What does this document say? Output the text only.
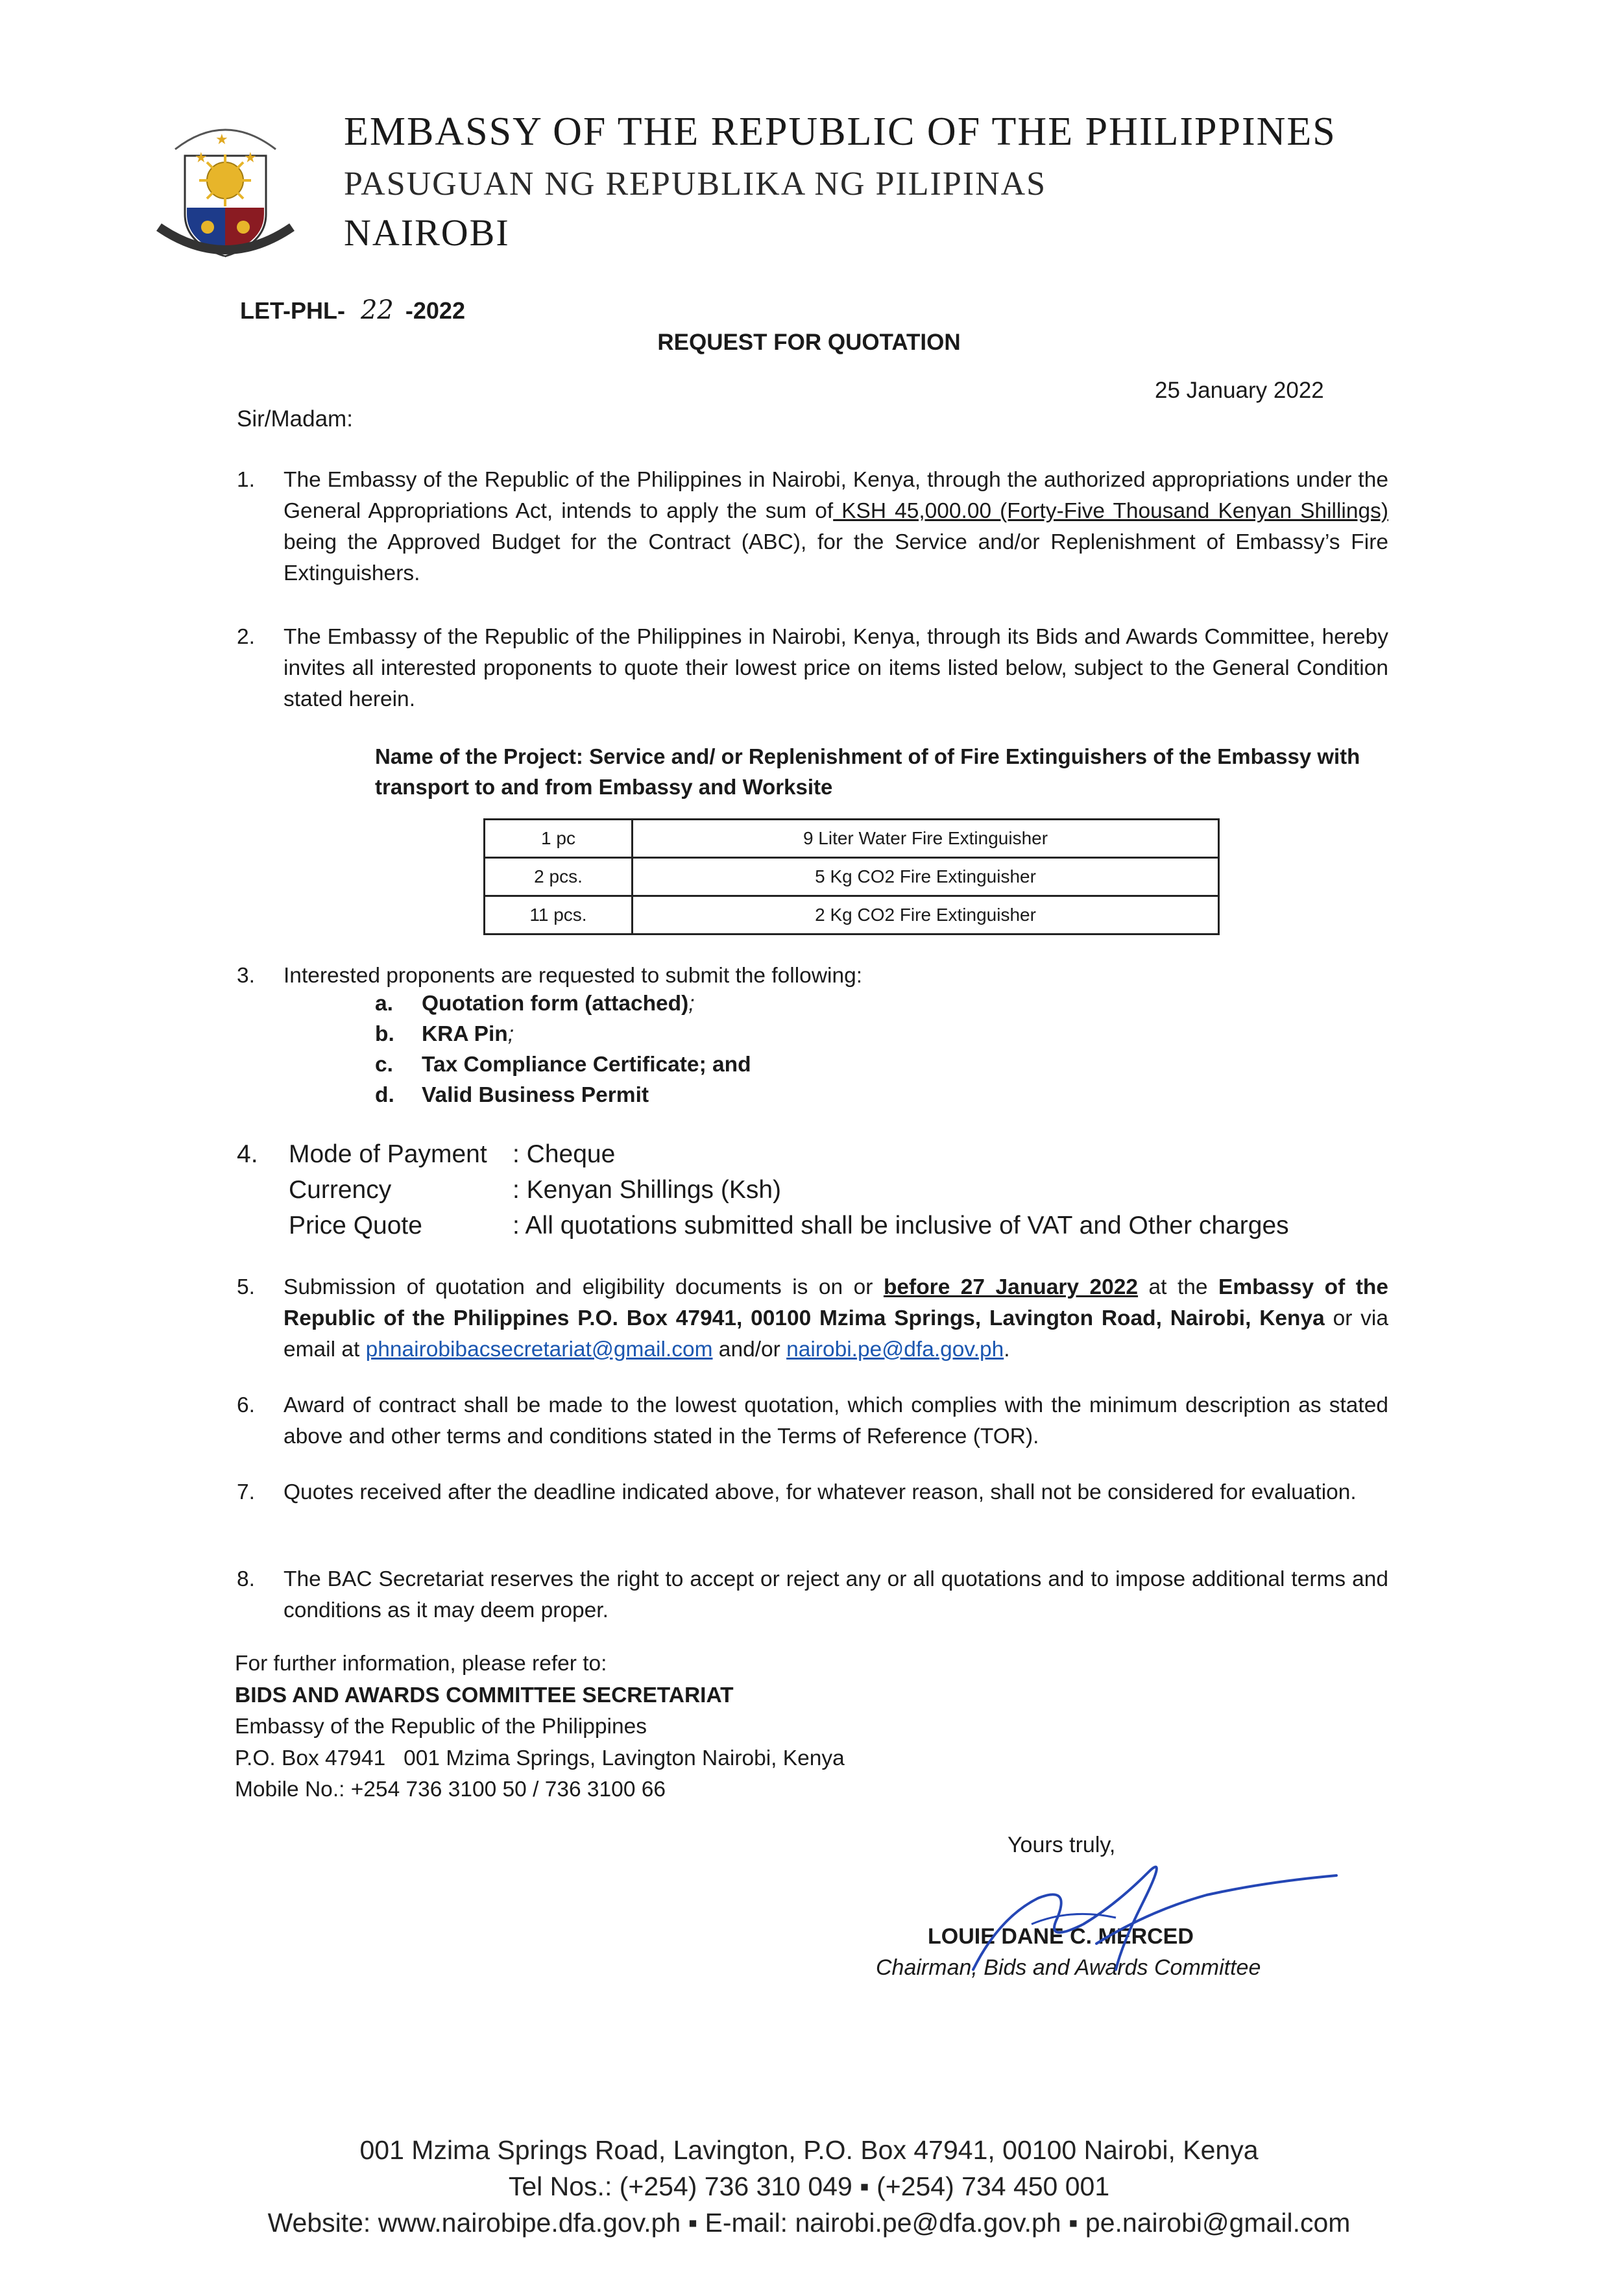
★
★
★
REPUBLIKA NG PILIPINAS
EMBASSY OF THE REPUBLIC OF THE PHILIPPINES
PASUGUAN NG REPUBLIKA NG PILIPINAS
NAIROBI
LET-PHL- 22 -2022
REQUEST FOR QUOTATION
25 January 2022
Sir/Madam:
1. The Embassy of the Republic of the Philippines in Nairobi, Kenya, through the authorized appropriations under the General Appropriations Act, intends to apply the sum of KSH 45,000.00 (Forty-Five Thousand Kenyan Shillings) being the Approved Budget for the Contract (ABC), for the Service and/or Replenishment of Embassy’s Fire Extinguishers.
2. The Embassy of the Republic of the Philippines in Nairobi, Kenya, through its Bids and Awards Committee, hereby invites all interested proponents to quote their lowest price on items listed below, subject to the General Condition stated herein.
Name of the Project: Service and/ or Replenishment of of Fire Extinguishers of the Embassy with transport to and from Embassy and Worksite
1 pc	9 Liter Water Fire Extinguisher
2 pcs.	5 Kg CO2 Fire Extinguisher
11 pcs.	2 Kg CO2 Fire Extinguisher
3. Interested proponents are requested to submit the following:
a. Quotation form (attached);
b. KRA Pin;
c. Tax Compliance Certificate; and
d. Valid Business Permit
4. Mode of Payment : Cheque
Currency	: Kenyan Shillings (Ksh)
Price Quote	: All quotations submitted shall be inclusive of VAT and Other charges
5. Submission of quotation and eligibility documents is on or before 27 January 2022 at the Embassy of the Republic of the Philippines P.O. Box 47941, 00100 Mzima Springs, Lavington Road, Nairobi, Kenya or via email at phnairobibacsecretariat@gmail.com and/or nairobi.pe@dfa.gov.ph.
6. Award of contract shall be made to the lowest quotation, which complies with the minimum description as stated above and other terms and conditions stated in the Terms of Reference (TOR).
7. Quotes received after the deadline indicated above, for whatever reason, shall not be considered for evaluation.
8. The BAC Secretariat reserves the right to accept or reject any or all quotations and to impose additional terms and conditions as it may deem proper.
For further information, please refer to:
BIDS AND AWARDS COMMITTEE SECRETARIAT
Embassy of the Republic of the Philippines
P.O. Box 47941   001 Mzima Springs, Lavington Nairobi, Kenya
Mobile No.: +254 736 3100 50 / 736 3100 66
Yours truly,
LOUIE DANE C. MERCED
Chairman, Bids and Awards Committee
001 Mzima Springs Road, Lavington, P.O. Box 47941, 00100 Nairobi, Kenya
Tel Nos.: (+254) 736 310 049 ▪ (+254) 734 450 001
Website: www.nairobipe.dfa.gov.ph ▪ E-mail: nairobi.pe@dfa.gov.ph ▪ pe.nairobi@gmail.com
